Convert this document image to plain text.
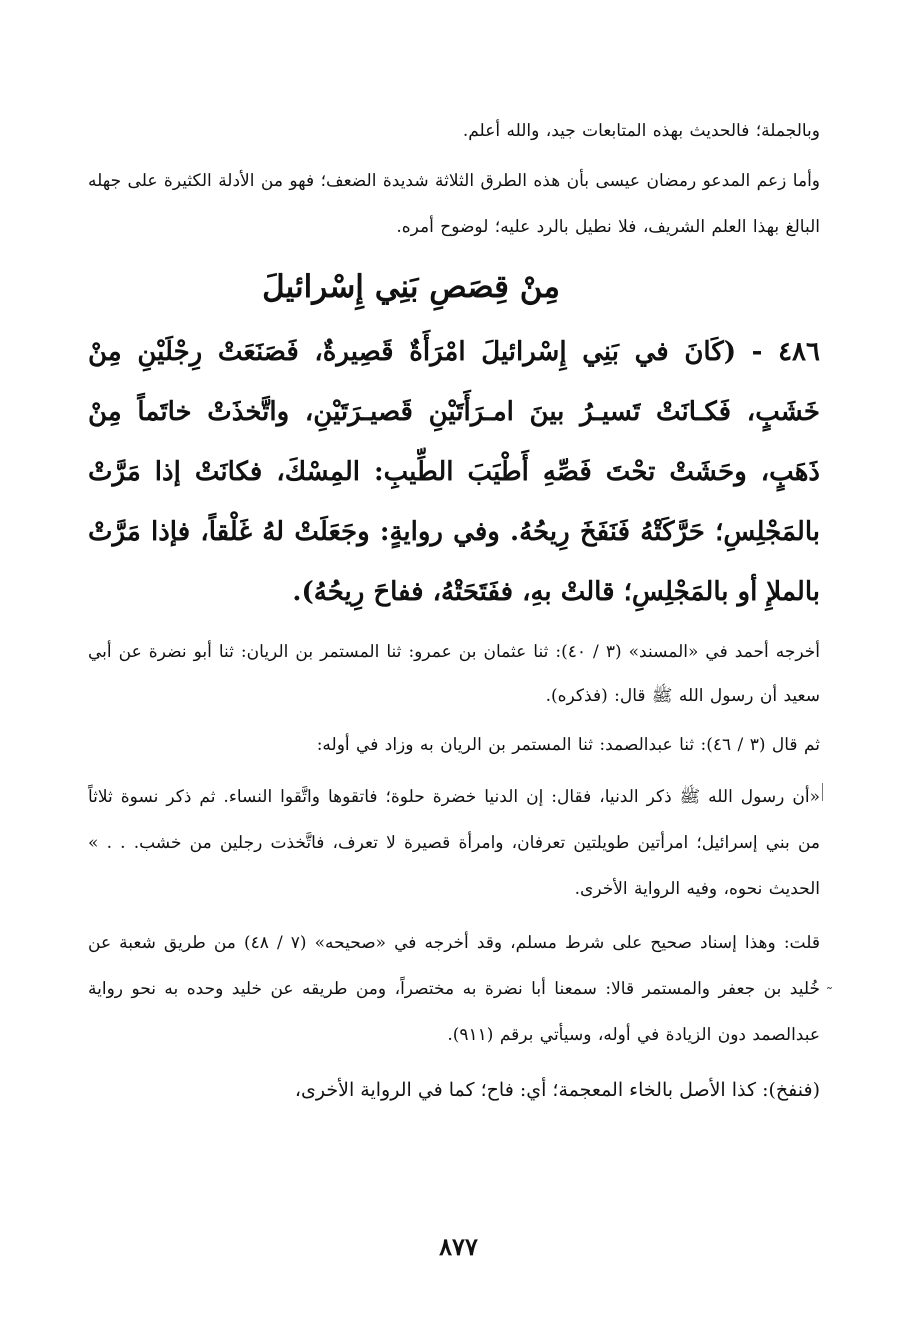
وبالجملة؛ فالحديث بهذه المتابعات جيد، والله أعلم.

وأما زعم المدعو رمضان عيسى بأن هذه الطرق الثلاثة شديدة الضعف؛ فهو من الأدلة الكثيرة على جهله البالغ بهذا العلم الشريف، فلا نطيل بالرد عليه؛ لوضوح أمره.

مِنْ قِصَصِ بَنِي إِسْرائيلَ

٤٨٦ - (كَانَ في بَنِي إِسْرائيلَ امْرَأَةٌ قَصِيرةٌ، فَصَنَعَتْ رِجْلَيْنِ مِنْ خَشَبٍ، فَكـانَتْ تَسيـرُ بينَ امـرَأَتَيْنِ قَصيـرَتَيْنِ، واتَّخذَتْ خاتَماً مِنْ ذَهَبٍ، وحَشَتْ تحْتَ فَصِّهِ أَطْيَبَ الطِّيبِ: المِسْكَ، فكانَتْ إذا مَرَّتْ بالمَجْلِسِ؛ حَرَّكَتْهُ فَنَفَخَ رِيحُهُ. وفي روايةٍ: وجَعَلَتْ لهُ غَلْقاً، فإذا مَرَّتْ بالملإِ أو بالمَجْلِسِ؛ قالتْ بهِ، ففَتَحَتْهُ، ففاحَ رِيحُهُ).

أخرجه أحمد في «المسند» (٣ / ٤٠): ثنا عثمان بن عمرو: ثنا المستمر بن الريان: ثنا أبو نضرة عن أبي سعيد أن رسول الله ﷺ قال: (فذكره).

ثم قال (٣ / ٤٦): ثنا عبدالصمد: ثنا المستمر بن الريان به وزاد في أوله:

«أن رسول الله ﷺ ذكر الدنيا، فقال: إن الدنيا خضرة حلوة؛ فاتقوها واتَّقوا النساء. ثم ذكر نسوة ثلاثاً من بني إسرائيل؛ امرأتين طويلتين تعرفان، وامرأة قصيرة لا تعرف، فاتَّخذت رجلين من خشب. . . » الحديث نحوه، وفيه الرواية الأخرى.

قلت: وهذا إسناد صحيح على شرط مسلم، وقد أخرجه في «صحيحه» (٧ / ٤٨) من طريق شعبة عن خُليد بن جعفر والمستمر قالا: سمعنا أبا نضرة به مختصراً، ومن طريقه عن خليد وحده به نحو رواية عبدالصمد دون الزيادة في أوله، وسيأتي برقم (٩١١).

(فنفخ): كذا الأصل بالخاء المعجمة؛ أي: فاح؛ كما في الرواية الأخرى،

˜
٨٧٧
